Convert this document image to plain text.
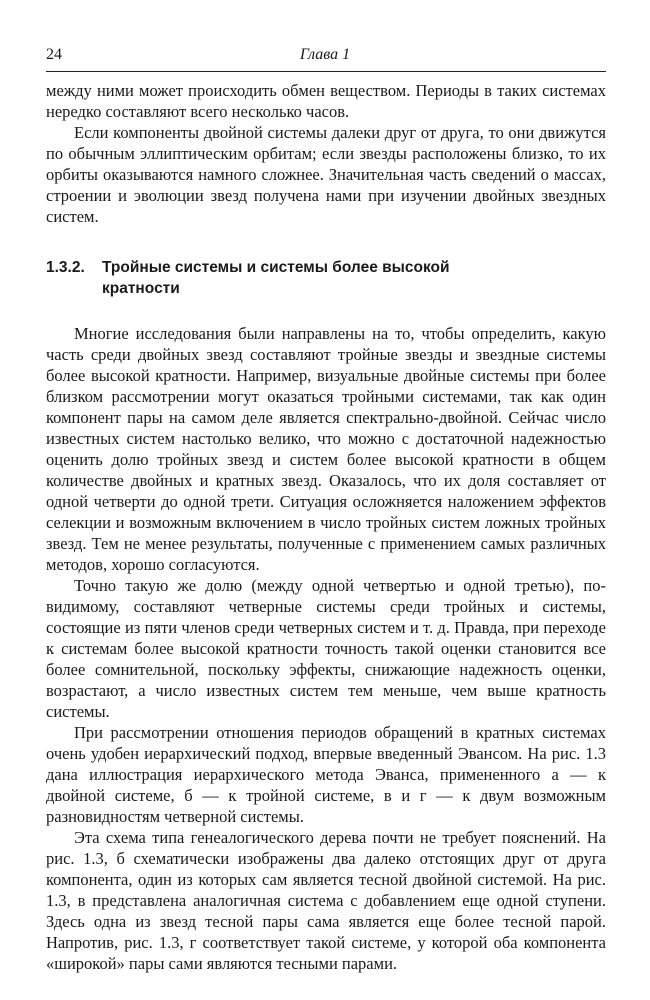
24	Глава 1

между ними может происходить обмен веществом. Периоды в таких системах нередко составляют всего несколько часов.

Если компоненты двойной системы далеки друг от друга, то они движутся по обычным эллиптическим орбитам; если звезды расположены близко, то их орбиты оказываются намного сложнее. Значительная часть сведений о массах, строении и эволюции звезд получена нами при изучении двойных звездных систем.

1.3.2. Тройные системы и системы более высокой
кратности

Многие исследования были направлены на то, чтобы определить, какую часть среди двойных звезд составляют тройные звезды и звездные системы более высокой кратности. Например, визуальные двойные системы при более близком рассмотрении могут оказаться тройными системами, так как один компонент пары на самом деле является спектрально-двойной. Сейчас число известных систем настолько велико, что можно с достаточной надежностью оценить долю тройных звезд и систем более высокой кратности в общем количестве двойных и кратных звезд. Оказалось, что их доля составляет от одной четверти до одной трети. Ситуация осложняется наложением эффектов селекции и возможным включением в число тройных систем ложных тройных звезд. Тем не менее результаты, полученные с применением самых различных методов, хорошо согласуются.

Точно такую же долю (между одной четвертью и одной третью), по-видимому, составляют четверные системы среди тройных и системы, состоящие из пяти членов среди четверных систем и т. д. Правда, при переходе к системам более высокой кратности точность такой оценки становится все более сомнительной, поскольку эффекты, снижающие надежность оценки, возрастают, а число известных систем тем меньше, чем выше кратность системы.

При рассмотрении отношения периодов обращений в кратных системах очень удобен иерархический подход, впервые введенный Эвансом. На рис. 1.3 дана иллюстрация иерархического метода Эванса, примененного а — к двойной системе, б — к тройной системе, в и г — к двум возможным разновидностям четверной системы.

Эта схема типа генеалогического дерева почти не требует пояснений. На рис. 1.3, б схематически изображены два далеко отстоящих друг от друга компонента, один из которых сам является тесной двойной системой. На рис. 1.3, в представлена аналогичная система с добавлением еще одной ступени. Здесь одна из звезд тесной пары сама является еще более тесной парой. Напротив, рис. 1.3, г соответствует такой системе, у которой оба компонента «широкой» пары сами являются тесными парами.
